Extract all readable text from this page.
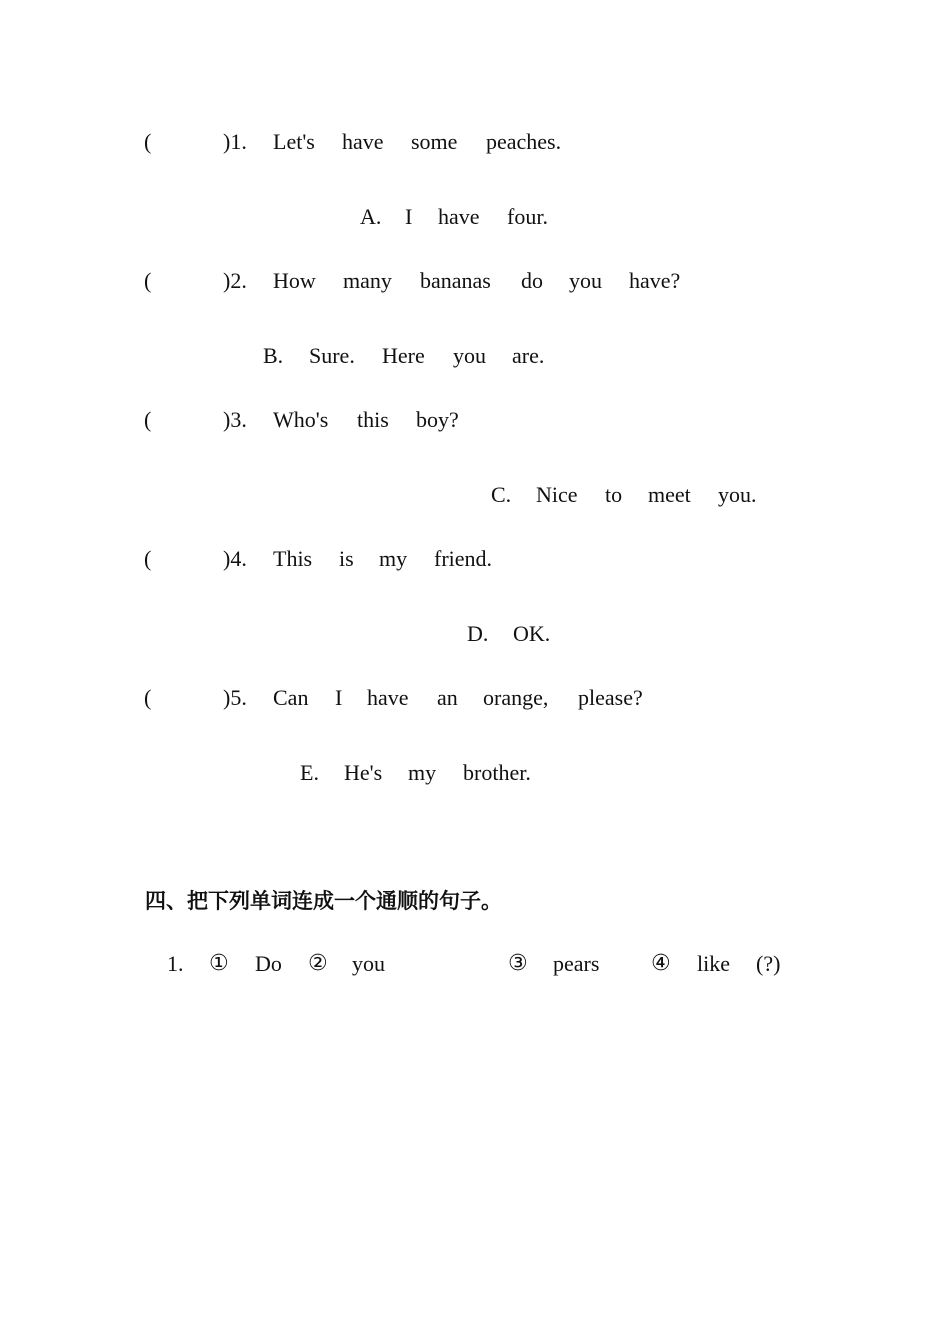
(	)1. Let's have some peaches.
A. I have four.
(	)2. How many bananas do you have?
B. Sure. Here you are.
(	)3. Who's this boy?
C. Nice to meet you.
(	)4. This is my friend.
D. OK.
(	)5. Can I have an orange, please?
E. He's my brother.
四、把下列单词连成一个通顺的句子。
1. ① Do ② you	③ pears ④ like (?)
